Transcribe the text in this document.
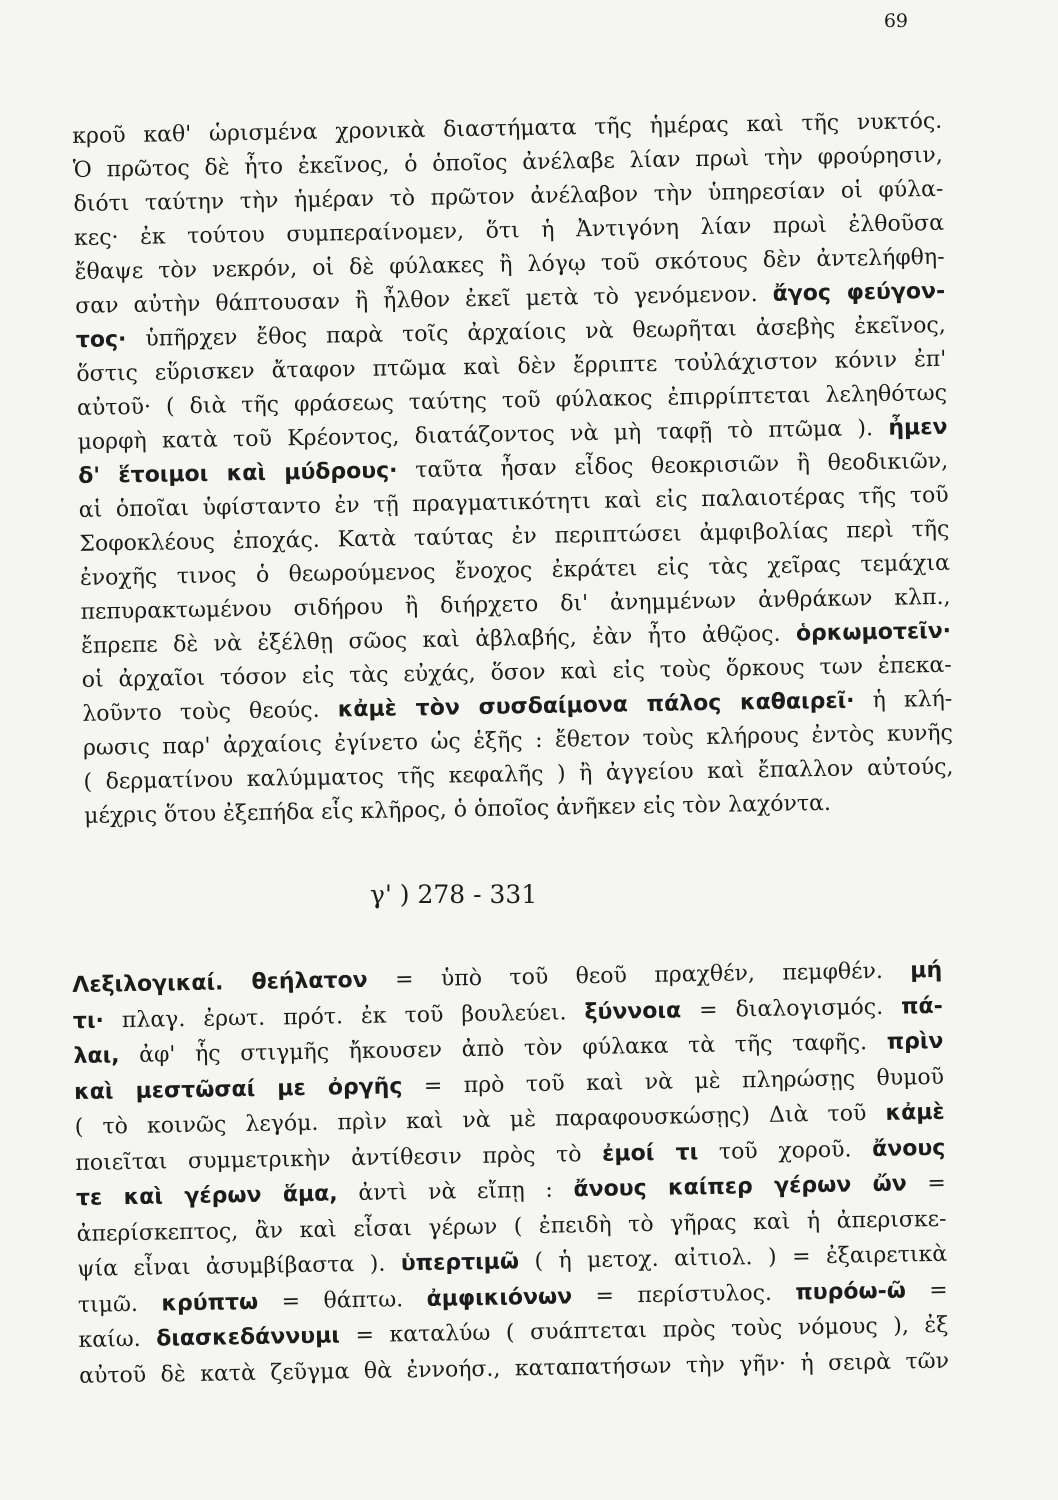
69
κροῦ καθ' ὡρισμένα χρονικὰ διαστήματα τῆς ἡμέρας καὶ τῆς νυκτός.
Ὁ πρῶτος δὲ ἦτο ἐκεῖνος, ὁ ὁποῖος ἀνέλαβε λίαν πρωὶ τὴν φρούρησιν,
διότι ταύτην τὴν ἡμέραν τὸ πρῶτον ἀνέλαβον τὴν ὑπηρεσίαν οἱ φύλα-
κες· ἐκ τούτου συμπεραίνομεν, ὅτι ἡ Ἀντιγόνη λίαν πρωὶ ἐλθοῦσα
ἔθαψε τὸν νεκρόν, οἱ δὲ φύλακες ἢ λόγῳ τοῦ σκότους δὲν ἀντελήφθη-
σαν αὐτὴν θάπτουσαν ἢ ἦλθον ἐκεῖ μετὰ τὸ γενόμενον. ἄγος φεύγον-
τος· ὑπῆρχεν ἔθος παρὰ τοῖς ἀρχαίοις νὰ θεωρῆται ἀσεβὴς ἐκεῖνος,
ὅστις εὕρισκεν ἄταφον πτῶμα καὶ δὲν ἔρριπτε τοὐλάχιστον κόνιν ἐπ'
αὐτοῦ· ( διὰ τῆς φράσεως ταύτης τοῦ φύλακος ἐπιρρίπτεται λεληθότως
μορφὴ κατὰ τοῦ Κρέοντος, διατάζοντος νὰ μὴ ταφῇ τὸ πτῶμα ). ἦμεν
δ' ἕτοιμοι καὶ μύδρους· ταῦτα ἦσαν εἶδος θεοκρισιῶν ἢ θεοδικιῶν,
αἱ ὁποῖαι ὑφίσταντο ἐν τῇ πραγματικότητι καὶ εἰς παλαιοτέρας τῆς τοῦ
Σοφοκλέους ἐποχάς. Κατὰ ταύτας ἐν περιπτώσει ἀμφιβολίας περὶ τῆς
ἐνοχῆς τινος ὁ θεωρούμενος ἔνοχος ἐκράτει εἰς τὰς χεῖρας τεμάχια
πεπυρακτωμένου σιδήρου ἢ διήρχετο δι' ἀνημμένων ἀνθράκων κλπ.,
ἔπρεπε δὲ νὰ ἐξέλθῃ σῶος καὶ ἀβλαβής, ἐὰν ἦτο ἀθῷος. ὁρκωμοτεῖν·
οἱ ἀρχαῖοι τόσον εἰς τὰς εὐχάς, ὅσον καὶ εἰς τοὺς ὅρκους των ἐπεκα-
λοῦντο τοὺς θεούς. κἀμὲ τὸν συσδαίμονα πάλος καθαιρεῖ· ἡ κλή-
ρωσις παρ' ἀρχαίοις ἐγίνετο ὡς ἑξῆς : ἔθετον τοὺς κλήρους ἐντὸς κυνῆς
( δερματίνου καλύμματος τῆς κεφαλῆς ) ἢ ἀγγείου καὶ ἔπαλλον αὐτούς,
μέχρις ὅτου ἐξεπήδα εἷς κλῆρος, ὁ ὁποῖος ἀνῆκεν εἰς τὸν λαχόντα.
γ' ) 278 - 331
Λεξιλογικαί. θεήλατον = ὑπὸ τοῦ θεοῦ πραχθέν, πεμφθέν. μή
τι· πλαγ. ἐρωτ. πρότ. ἐκ τοῦ βουλεύει. ξύννοια = διαλογισμός. πά-
λαι, ἀφ' ἧς στιγμῆς ἤκουσεν ἀπὸ τὸν φύλακα τὰ τῆς ταφῆς. πρὶν
καὶ μεστῶσαί με ὀργῆς = πρὸ τοῦ καὶ νὰ μὲ πληρώσῃς θυμοῦ
( τὸ κοινῶς λεγόμ. πρὶν καὶ νὰ μὲ παραφουσκώσῃς) Διὰ τοῦ κἀμὲ
ποιεῖται συμμετρικὴν ἀντίθεσιν πρὸς τὸ ἐμοί τι τοῦ χοροῦ. ἄνους
τε καὶ γέρων ἅμα, ἀντὶ νὰ εἴπῃ : ἄνους καίπερ γέρων ὤν =
ἀπερίσκεπτος, ἂν καὶ εἶσαι γέρων ( ἐπειδὴ τὸ γῆρας καὶ ἡ ἀπερισκε-
ψία εἶναι ἀσυμβίβαστα ). ὑπερτιμῶ ( ἡ μετοχ. αἰτιολ. ) = ἐξαιρετικὰ
τιμῶ. κρύπτω = θάπτω. ἀμφικιόνων = περίστυλος. πυρόω-ῶ =
καίω. διασκεδάννυμι = καταλύω ( συάπτεται πρὸς τοὺς νόμους ), ἐξ
αὐτοῦ δὲ κατὰ ζεῦγμα θὰ ἐννοήσ., καταπατήσων τὴν γῆν· ἡ σειρὰ τῶν
